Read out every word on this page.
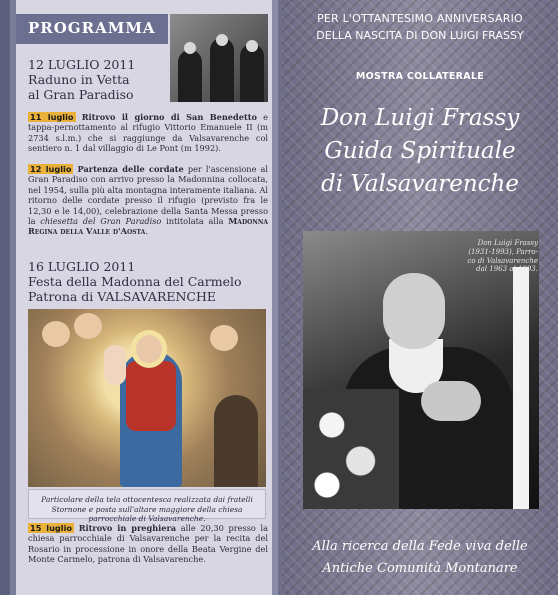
PROGRAMMA
12 LUGLIO 2011
Raduno in Vetta
al Gran Paradiso
11 luglio Ritrovo il giorno di San Benedetto e tappa-pernottamento al rifugio Vittorio Emanuele II (m 2734 s.l.m.) che si raggiunge da Valsavarenche col sentiero n. 1 dal villaggio di Le Pont (m 1992).
12 luglio Partenza delle cordate per l'ascensione al Gran Paradiso con arrivo presso la Madonnina collocata, nel 1954, sulla più alta montagna interamente italiana. Al ritorno delle cordate presso il rifugio (previsto fra le 12,30 e le 14,00), celebrazione della Santa Messa presso la chiesetta del Gran Paradiso intitolata alla Madonna Regina della Valle d'Aosta.
16 LUGLIO 2011
Festa della Madonna del Carmelo
Patrona di VALSAVARENCHE
Particolare della tela ottocentesca realizzata dai fratelli Stornone e posta sull'altare maggiore della chiesa parrocchiale di Valsavarenche.
15 luglio Ritrovo in preghiera alle 20,30 presso la chiesa parrocchiale di Valsavarenche per la recita del Rosario in processione in onore della Beata Vergine del Monte Carmelo, patrona di Valsavarenche.
PER L'OTTANTESIMO ANNIVERSARIO
DELLA NASCITA DI DON LUIGI FRASSY
MOSTRA COLLATERALE
Don Luigi Frassy
Guida Spirituale
di Valsavarenche
Don Luigi Frassy
(1931-1993), Parro-
co di Valsavarenche
dal 1963 al 1993.
Alla ricerca della Fede viva delle
Antiche Comunità Montanare
